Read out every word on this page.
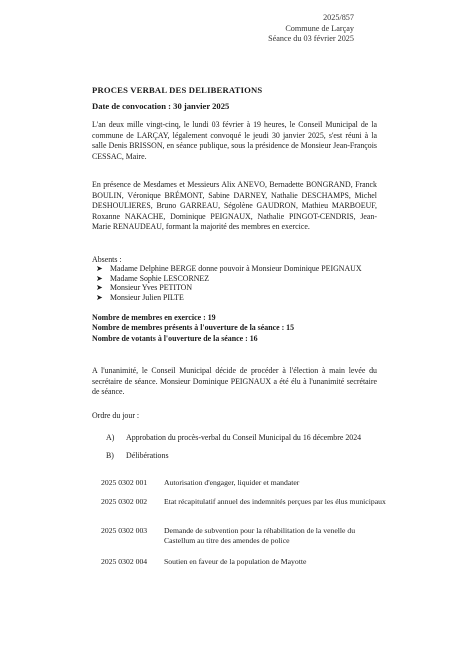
2025/857
Commune de Larçay
Séance du 03 février 2025
PROCES VERBAL DES DELIBERATIONS

Date de convocation : 30 janvier 2025

L'an deux mille vingt-cinq, le lundi 03 février à 19 heures, le Conseil Municipal de la commune de LARÇAY, légalement convoqué le jeudi 30 janvier 2025, s'est réuni à la salle Denis BRISSON, en séance publique, sous la présidence de Monsieur Jean-François CESSAC, Maire.

En présence de Mesdames et Messieurs Alix ANEVO, Bernadette BONGRAND, Franck BOULIN, Véronique BRÉMONT, Sabine DARNEY, Nathalie DESCHAMPS, Michel DESHOULIERES, Bruno GARREAU, Ségolène GAUDRON, Mathieu MARBOEUF, Roxanne NAKACHE, Dominique PEIGNAUX, Nathalie PINGOT-CENDRIS, Jean-Marie RENAUDEAU, formant la majorité des membres en exercice.

Absents :

➤ Madame Delphine BERGE donne pouvoir à Monsieur Dominique PEIGNAUX
➤ Madame Sophie LESCORNEZ
➤ Monsieur Yves PETITON
➤ Monsieur Julien PILTE

Nombre de membres en exercice : 19
Nombre de membres présents à l'ouverture de la séance : 15
Nombre de votants à l'ouverture de la séance : 16

A l'unanimité, le Conseil Municipal décide de procéder à l'élection à main levée du secrétaire de séance. Monsieur Dominique PEIGNAUX a été élu à l'unanimité secrétaire de séance.

Ordre du jour :

A) Approbation du procès-verbal du Conseil Municipal du 16 décembre 2024
B) Délibérations
2025 0302 001 Autorisation d'engager, liquider et mandater
2025 0302 002 Etat récapitulatif annuel des indemnités perçues par les élus municipaux
2025 0302 003 Demande de subvention pour la réhabilitation de la venelle du Castellum au titre des amendes de police
2025 0302 004 Soutien en faveur de la population de Mayotte
